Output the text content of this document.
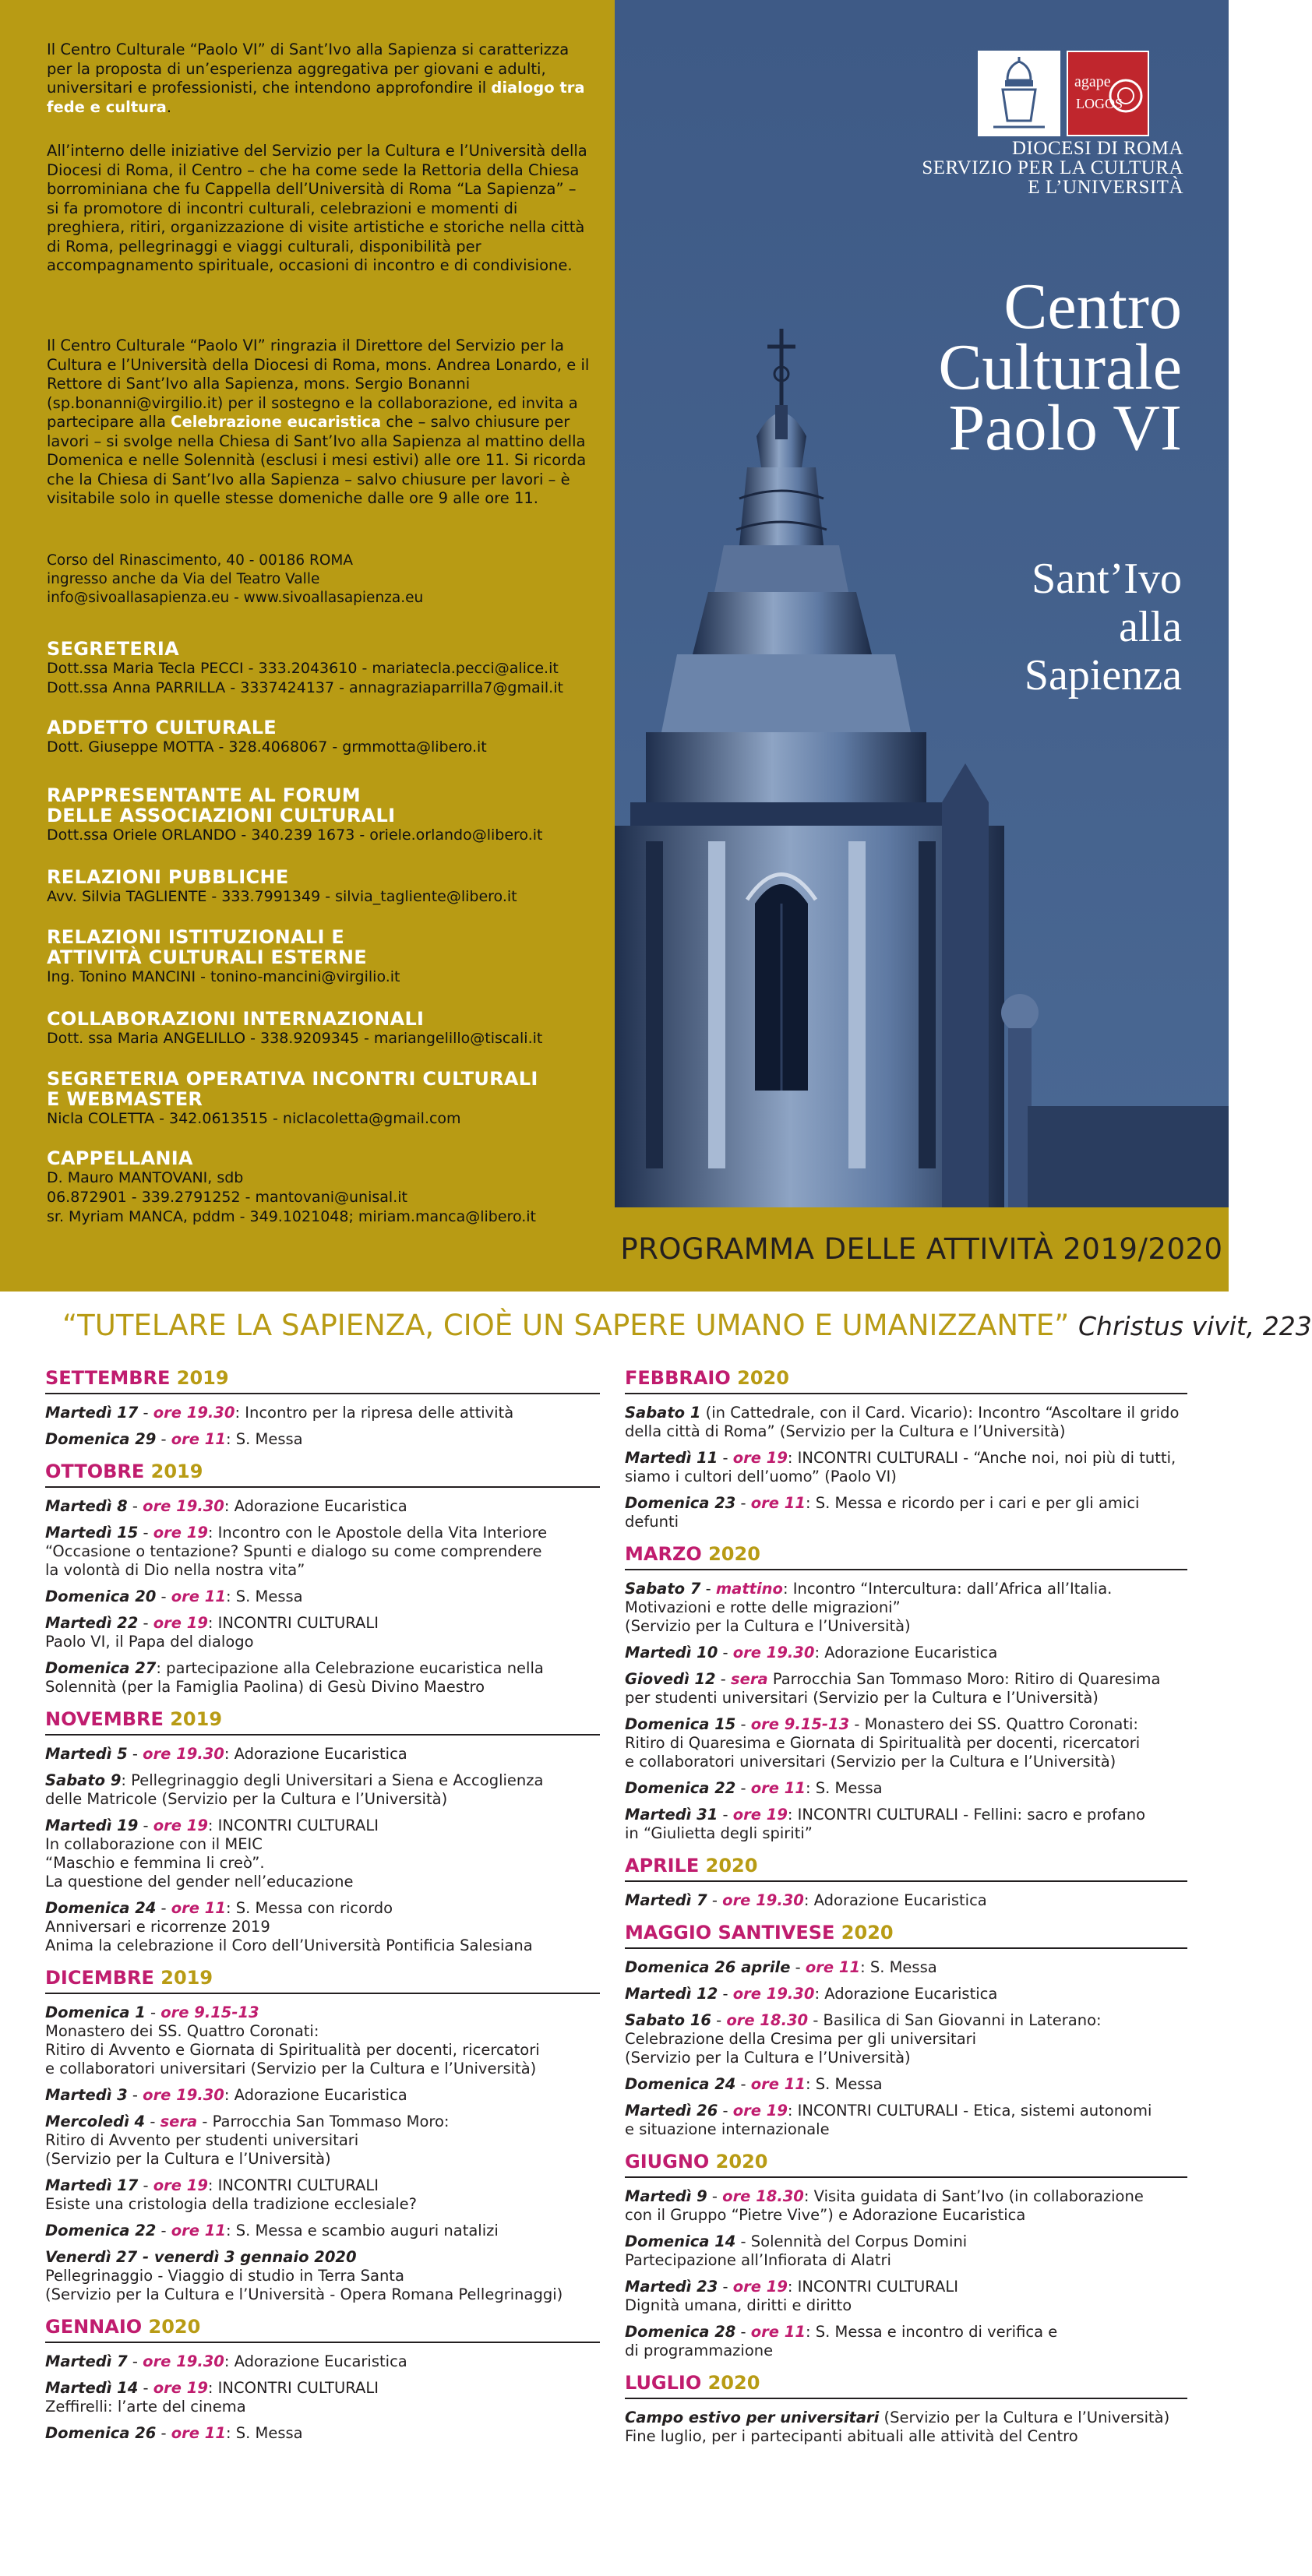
Il Centro Culturale “Paolo VI” di Sant’Ivo alla Sapienza si caratterizza per la proposta di un’esperienza aggregativa per giovani e adulti, universitari e professionisti, che intendono approfondire il dialogo tra fede e cultura.

All’interno delle iniziative del Servizio per la Cultura e l’Università della Diocesi di Roma, il Centro – che ha come sede la Rettoria della Chiesa borrominiana che fu Cappella dell’Università di Roma “La Sapienza” – si fa promotore di incontri culturali, celebrazioni e momenti di preghiera, ritiri, organizzazione di visite artistiche e storiche nella città di Roma, pellegrinaggi e viaggi culturali, disponibilità per accompagnamento spirituale, occasioni di incontro e di condivisione.

Il Centro Culturale “Paolo VI” ringrazia il Direttore del Servizio per la Cultura e l’Università della Diocesi di Roma, mons. Andrea Lonardo, e il Rettore di Sant’Ivo alla Sapienza, mons. Sergio Bonanni (sp.bonanni@virgilio.it) per il sostegno e la collaborazione, ed invita a partecipare alla Celebrazione eucaristica che – salvo chiusure per lavori – si svolge nella Chiesa di Sant’Ivo alla Sapienza al mattino della Domenica e nelle Solennità (esclusi i mesi estivi) alle ore 11. Si ricorda che la Chiesa di Sant’Ivo alla Sapienza – salvo chiusure per lavori – è visitabile solo in quelle stesse domeniche dalle ore 9 alle ore 11.

Corso del Rinascimento, 40 - 00186 ROMA
ingresso anche da Via del Teatro Valle
info@sivoallasapienza.eu - www.sivoallasapienza.eu
SEGRETERIA
Dott.ssa Maria Tecla PECCI - 333.2043610 - mariatecla.pecci@alice.it
Dott.ssa Anna PARRILLA - 3337424137 - annagraziaparrilla7@gmail.it
ADDETTO CULTURALE
Dott. Giuseppe MOTTA - 328.4068067 - grmmotta@libero.it
RAPPRESENTANTE AL FORUM
DELLE ASSOCIAZIONI CULTURALI
Dott.ssa Oriele ORLANDO - 340.239 1673 - oriele.orlando@libero.it
RELAZIONI PUBBLICHE
Avv. Silvia TAGLIENTE - 333.7991349 - silvia_tagliente@libero.it
RELAZIONI ISTITUZIONALI E
ATTIVITÀ CULTURALI ESTERNE
Ing. Tonino MANCINI - tonino-mancini@virgilio.it
COLLABORAZIONI INTERNAZIONALI
Dott. ssa Maria ANGELILLO - 338.9209345 - mariangelillo@tiscali.it
SEGRETERIA OPERATIVA INCONTRI CULTURALI
E WEBMASTER
Nicla COLETTA - 342.0613515 - niclacoletta@gmail.com
CAPPELLANIA
D. Mauro MANTOVANI, sdb
06.872901 - 339.2791252 - mantovani@unisal.it
sr. Myriam MANCA, pddm - 349.1021048; miriam.manca@libero.it
agape
LOGOS
DIOCESI DI ROMA
SERVIZIO PER LA CULTURA
E L’UNIVERSITÀ
Centro
Culturale
Paolo VI
Sant’Ivo
alla
Sapienza
PROGRAMMA DELLE ATTIVITÀ 2019/2020
“TUTELARE LA SAPIENZA, CIOÈ UN SAPERE UMANO E UMANIZZANTE” Christus vivit, 223
SETTEMBRE 2019
Martedì 17 - ore 19.30: Incontro per la ripresa delle attività
Domenica 29 - ore 11: S. Messa
OTTOBRE 2019
Martedì 8 - ore 19.30: Adorazione Eucaristica
Martedì 15 - ore 19: Incontro con le Apostole della Vita Interiore
“Occasione o tentazione? Spunti e dialogo su come comprendere
la volontà di Dio nella nostra vita”
Domenica 20 - ore 11: S. Messa
Martedì 22 - ore 19: INCONTRI CULTURALI
Paolo VI, il Papa del dialogo
Domenica 27: partecipazione alla Celebrazione eucaristica nella
Solennità (per la Famiglia Paolina) di Gesù Divino Maestro
NOVEMBRE 2019
Martedì 5 - ore 19.30: Adorazione Eucaristica
Sabato 9: Pellegrinaggio degli Universitari a Siena e Accoglienza
delle Matricole (Servizio per la Cultura e l’Università)
Martedì 19 - ore 19: INCONTRI CULTURALI
In collaborazione con il MEIC
“Maschio e femmina li creò”.
La questione del gender nell’educazione
Domenica 24 - ore 11: S. Messa con ricordo
Anniversari e ricorrenze 2019
Anima la celebrazione il Coro dell’Università Pontificia Salesiana
DICEMBRE 2019
Domenica 1 - ore 9.15-13
Monastero dei SS. Quattro Coronati:
Ritiro di Avvento e Giornata di Spiritualità per docenti, ricercatori
e collaboratori universitari (Servizio per la Cultura e l’Università)
Martedì 3 - ore 19.30: Adorazione Eucaristica
Mercoledì 4 - sera - Parrocchia San Tommaso Moro:
Ritiro di Avvento per studenti universitari
(Servizio per la Cultura e l’Università)
Martedì 17 - ore 19: INCONTRI CULTURALI
Esiste una cristologia della tradizione ecclesiale?
Domenica 22 - ore 11: S. Messa e scambio auguri natalizi
Venerdì 27 - venerdì 3 gennaio 2020
Pellegrinaggio - Viaggio di studio in Terra Santa
(Servizio per la Cultura e l’Università - Opera Romana Pellegrinaggi)
GENNAIO 2020
Martedì 7 - ore 19.30: Adorazione Eucaristica
Martedì 14 - ore 19: INCONTRI CULTURALI
Zeffirelli: l’arte del cinema
Domenica 26 - ore 11: S. Messa
FEBBRAIO 2020
Sabato 1 (in Cattedrale, con il Card. Vicario): Incontro “Ascoltare il grido
della città di Roma” (Servizio per la Cultura e l’Università)
Martedì 11 - ore 19: INCONTRI CULTURALI - “Anche noi, noi più di tutti,
siamo i cultori dell’uomo” (Paolo VI)
Domenica 23 - ore 11: S. Messa e ricordo per i cari e per gli amici defunti
MARZO 2020
Sabato 7 - mattino: Incontro “Intercultura: dall’Africa all’Italia.
Motivazioni e rotte delle migrazioni”
(Servizio per la Cultura e l’Università)
Martedì 10 - ore 19.30: Adorazione Eucaristica
Giovedì 12 - sera Parrocchia San Tommaso Moro: Ritiro di Quaresima
per studenti universitari (Servizio per la Cultura e l’Università)
Domenica 15 - ore 9.15-13 - Monastero dei SS. Quattro Coronati:
Ritiro di Quaresima e Giornata di Spiritualità per docenti, ricercatori
e collaboratori universitari (Servizio per la Cultura e l’Università)
Domenica 22 - ore 11: S. Messa
Martedì 31 - ore 19: INCONTRI CULTURALI - Fellini: sacro e profano
in “Giulietta degli spiriti”
APRILE 2020
Martedì 7 - ore 19.30: Adorazione Eucaristica
MAGGIO SANTIVESE 2020
Domenica 26 aprile - ore 11: S. Messa
Martedì 12 - ore 19.30: Adorazione Eucaristica
Sabato 16 - ore 18.30 - Basilica di San Giovanni in Laterano:
Celebrazione della Cresima per gli universitari
(Servizio per la Cultura e l’Università)
Domenica 24 - ore 11: S. Messa
Martedì 26 - ore 19: INCONTRI CULTURALI - Etica, sistemi autonomi
e situazione internazionale
GIUGNO 2020
Martedì 9 - ore 18.30: Visita guidata di Sant’Ivo (in collaborazione
con il Gruppo “Pietre Vive”) e Adorazione Eucaristica
Domenica 14 - Solennità del Corpus Domini
Partecipazione all’Infiorata di Alatri
Martedì 23 - ore 19: INCONTRI CULTURALI
Dignità umana, diritti e diritto
Domenica 28 - ore 11: S. Messa e incontro di verifica e
di programmazione
LUGLIO 2020
Campo estivo per universitari (Servizio per la Cultura e l’Università)
Fine luglio, per i partecipanti abituali alle attività del Centro
